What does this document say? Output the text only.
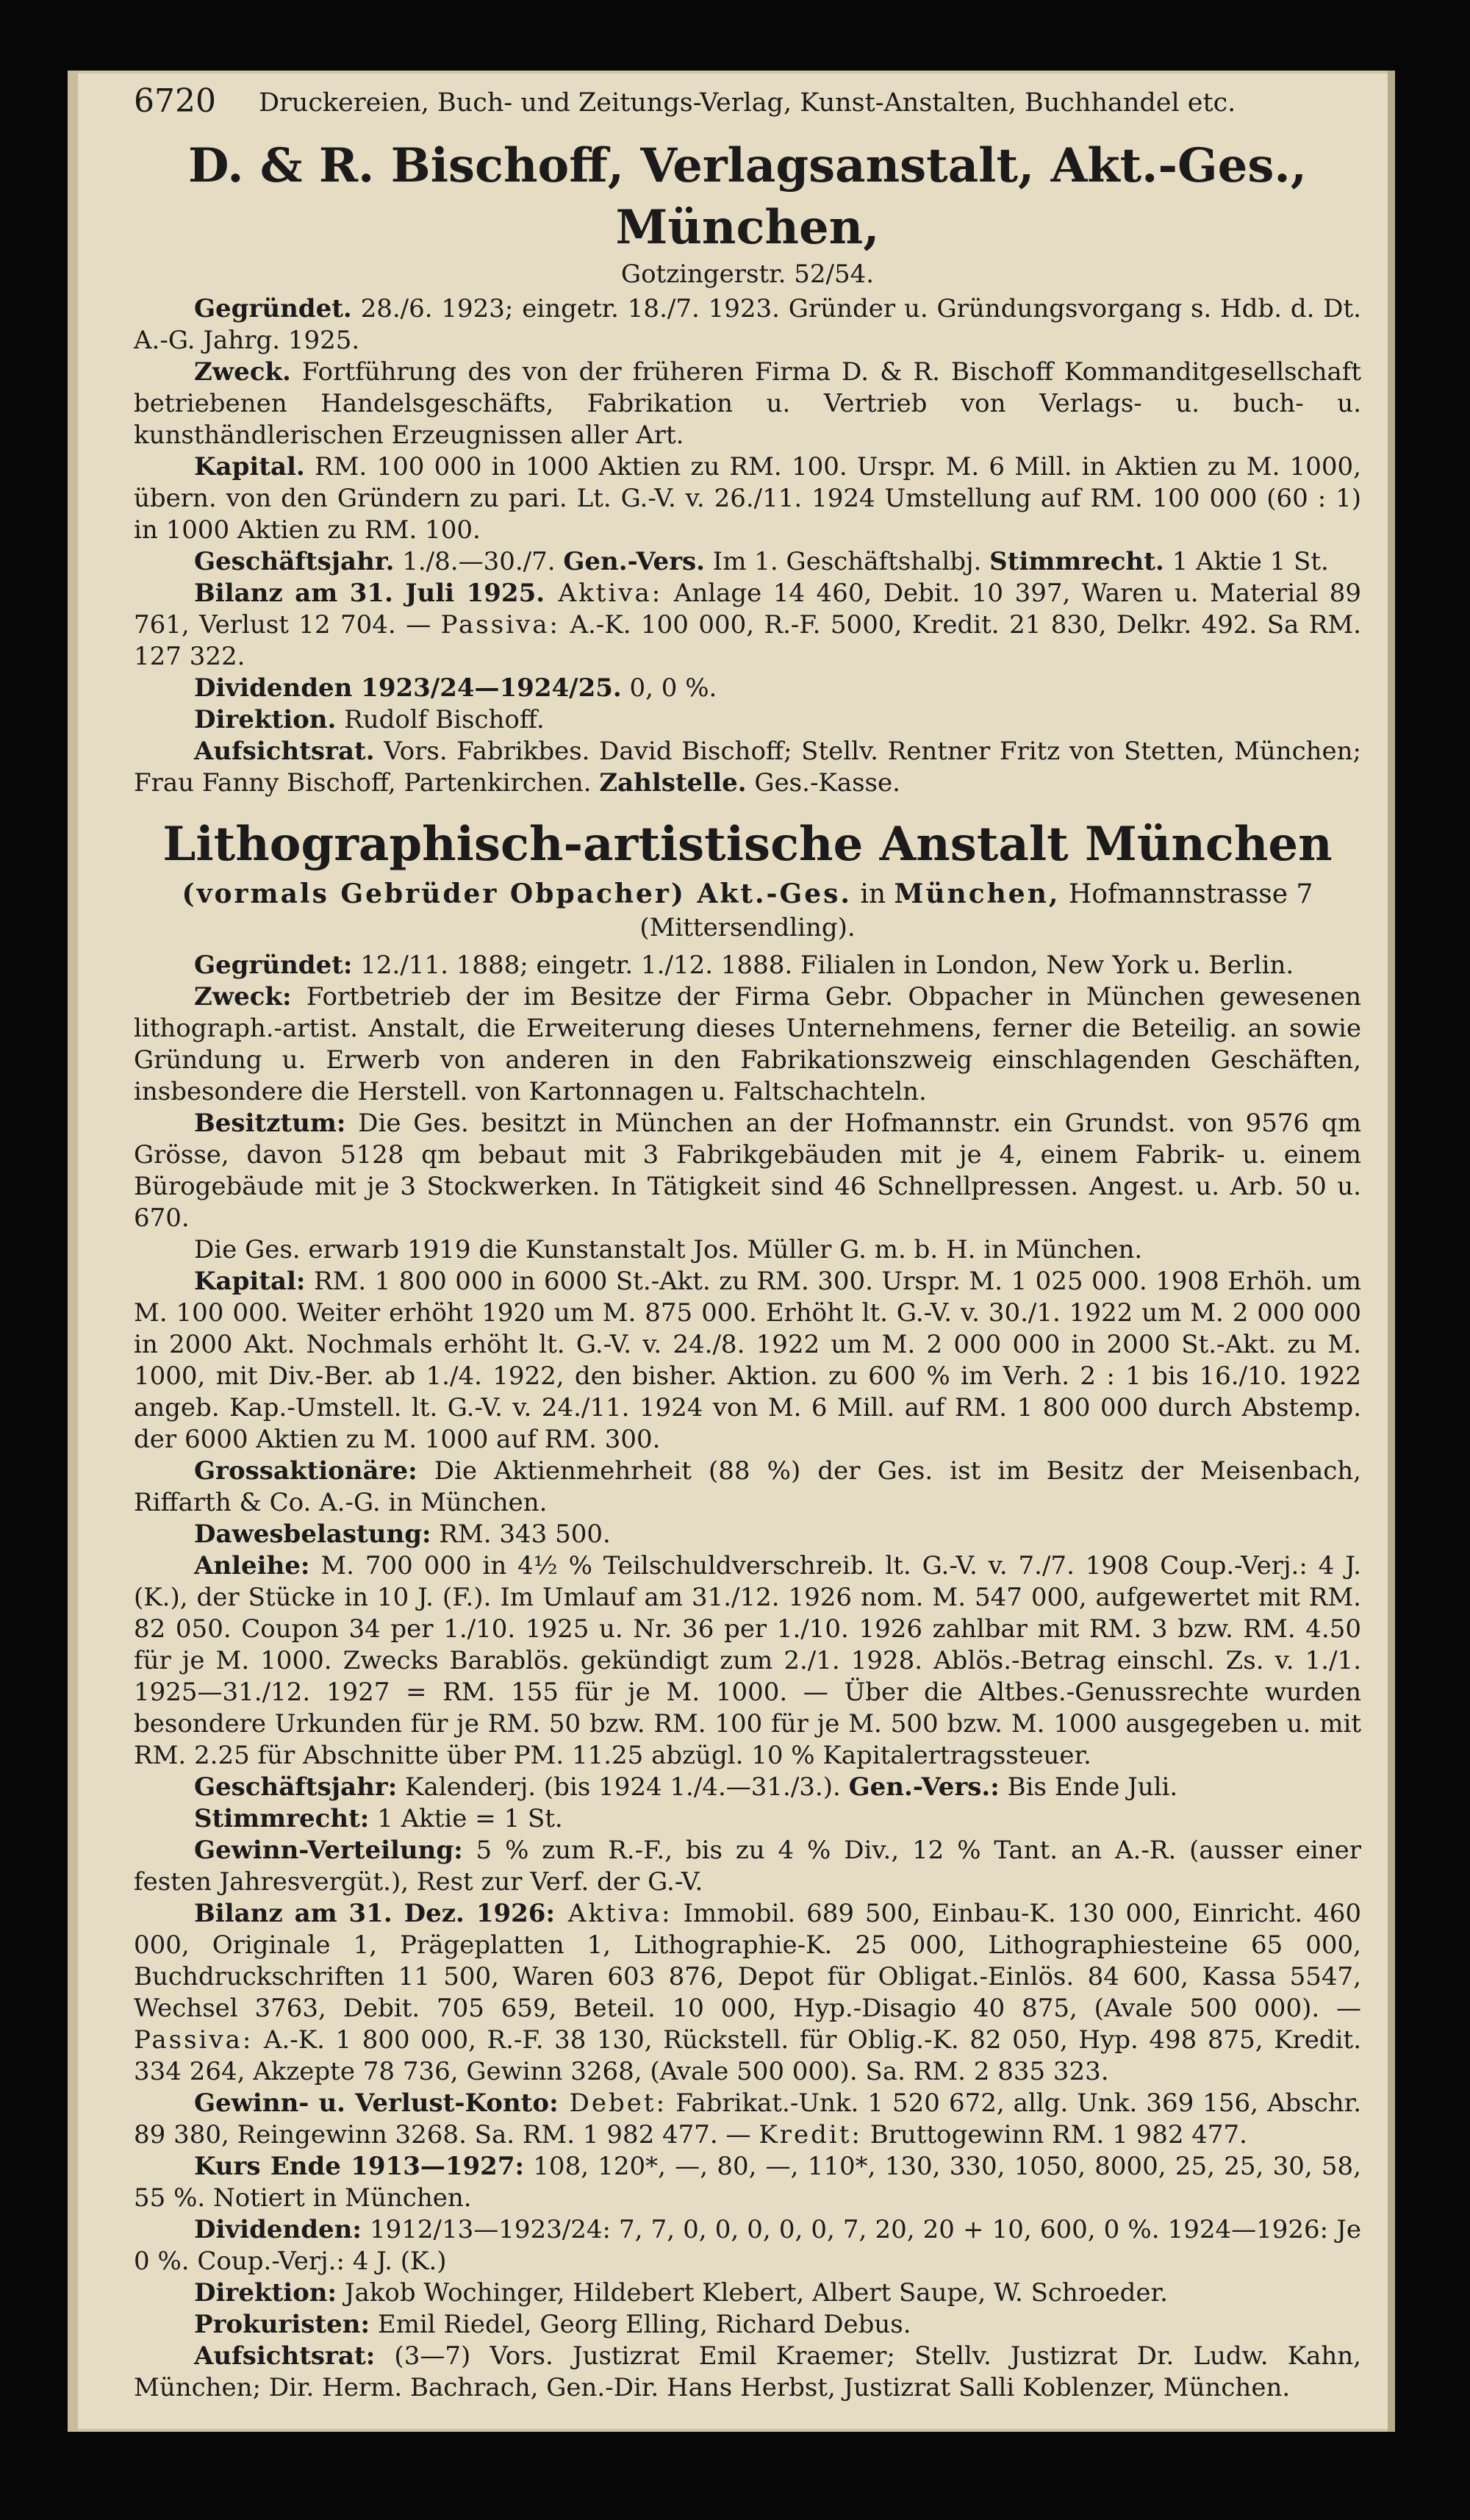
6720 Druckereien, Buch- und Zeitungs-Verlag, Kunst-Anstalten, Buchhandel etc.

D. & R. Bischoff, Verlagsanstalt, Akt.-Ges., München,

Gotzingerstr. 52/54.

Gegründet. 28./6. 1923; eingetr. 18./7. 1923. Gründer u. Gründungsvorgang s. Hdb. d. Dt. A.-G. Jahrg. 1925.

Zweck. Fortführung des von der früheren Firma D. & R. Bischoff Kommanditgesellschaft betriebenen Handelsgeschäfts, Fabrikation u. Vertrieb von Verlags- u. buch- u. kunsthändlerischen Erzeugnissen aller Art.

Kapital. RM. 100 000 in 1000 Aktien zu RM. 100. Urspr. M. 6 Mill. in Aktien zu M. 1000, übern. von den Gründern zu pari. Lt. G.-V. v. 26./11. 1924 Umstellung auf RM. 100 000 (60 : 1) in 1000 Aktien zu RM. 100.

Geschäftsjahr. 1./8.—30./7. Gen.-Vers. Im 1. Geschäftshalbj. Stimmrecht. 1 Aktie 1 St.

Bilanz am 31. Juli 1925. Aktiva: Anlage 14 460, Debit. 10 397, Waren u. Material 89 761, Verlust 12 704. — Passiva: A.-K. 100 000, R.-F. 5000, Kredit. 21 830, Delkr. 492. Sa RM. 127 322.

Dividenden 1923/24—1924/25. 0, 0 %.

Direktion. Rudolf Bischoff.

Aufsichtsrat. Vors. Fabrikbes. David Bischoff; Stellv. Rentner Fritz von Stetten, München; Frau Fanny Bischoff, Partenkirchen. Zahlstelle. Ges.-Kasse.

Lithographisch-artistische Anstalt München

(vormals Gebrüder Obpacher) Akt.-Ges. in München, Hofmannstrasse 7

(Mittersendling).

Gegründet: 12./11. 1888; eingetr. 1./12. 1888. Filialen in London, New York u. Berlin.

Zweck: Fortbetrieb der im Besitze der Firma Gebr. Obpacher in München gewesenen lithograph.-artist. Anstalt, die Erweiterung dieses Unternehmens, ferner die Beteilig. an sowie Gründung u. Erwerb von anderen in den Fabrikationszweig einschlagenden Geschäften, insbesondere die Herstell. von Kartonnagen u. Faltschachteln.

Besitztum: Die Ges. besitzt in München an der Hofmannstr. ein Grundst. von 9576 qm Grösse, davon 5128 qm bebaut mit 3 Fabrikgebäuden mit je 4, einem Fabrik- u. einem Bürogebäude mit je 3 Stockwerken. In Tätigkeit sind 46 Schnellpressen. Angest. u. Arb. 50 u. 670.

Die Ges. erwarb 1919 die Kunstanstalt Jos. Müller G. m. b. H. in München.

Kapital: RM. 1 800 000 in 6000 St.-Akt. zu RM. 300. Urspr. M. 1 025 000. 1908 Erhöh. um M. 100 000. Weiter erhöht 1920 um M. 875 000. Erhöht lt. G.-V. v. 30./1. 1922 um M. 2 000 000 in 2000 Akt. Nochmals erhöht lt. G.-V. v. 24./8. 1922 um M. 2 000 000 in 2000 St.-Akt. zu M. 1000, mit Div.-Ber. ab 1./4. 1922, den bisher. Aktion. zu 600 % im Verh. 2 : 1 bis 16./10. 1922 angeb. Kap.-Umstell. lt. G.-V. v. 24./11. 1924 von M. 6 Mill. auf RM. 1 800 000 durch Abstemp. der 6000 Aktien zu M. 1000 auf RM. 300.

Grossaktionäre: Die Aktienmehrheit (88 %) der Ges. ist im Besitz der Meisenbach, Riffarth & Co. A.-G. in München.

Dawesbelastung: RM. 343 500.

Anleihe: M. 700 000 in 4½ % Teilschuldverschreib. lt. G.-V. v. 7./7. 1908 Coup.-Verj.: 4 J. (K.), der Stücke in 10 J. (F.). Im Umlauf am 31./12. 1926 nom. M. 547 000, aufgewertet mit RM. 82 050. Coupon 34 per 1./10. 1925 u. Nr. 36 per 1./10. 1926 zahlbar mit RM. 3 bzw. RM. 4.50 für je M. 1000. Zwecks Barablös. gekündigt zum 2./1. 1928. Ablös.-Betrag einschl. Zs. v. 1./1. 1925—31./12. 1927 = RM. 155 für je M. 1000. — Über die Altbes.-Genussrechte wurden besondere Urkunden für je RM. 50 bzw. RM. 100 für je M. 500 bzw. M. 1000 ausgegeben u. mit RM. 2.25 für Abschnitte über PM. 11.25 abzügl. 10 % Kapitalertragssteuer.

Geschäftsjahr: Kalenderj. (bis 1924 1./4.—31./3.). Gen.-Vers.: Bis Ende Juli.

Stimmrecht: 1 Aktie = 1 St.

Gewinn-Verteilung: 5 % zum R.-F., bis zu 4 % Div., 12 % Tant. an A.-R. (ausser einer festen Jahresvergüt.), Rest zur Verf. der G.-V.

Bilanz am 31. Dez. 1926: Aktiva: Immobil. 689 500, Einbau-K. 130 000, Einricht. 460 000, Originale 1, Prägeplatten 1, Lithographie-K. 25 000, Lithographiesteine 65 000, Buchdruckschriften 11 500, Waren 603 876, Depot für Obligat.-Einlös. 84 600, Kassa 5547, Wechsel 3763, Debit. 705 659, Beteil. 10 000, Hyp.-Disagio 40 875, (Avale 500 000). — Passiva: A.-K. 1 800 000, R.-F. 38 130, Rückstell. für Oblig.-K. 82 050, Hyp. 498 875, Kredit. 334 264, Akzepte 78 736, Gewinn 3268, (Avale 500 000). Sa. RM. 2 835 323.

Gewinn- u. Verlust-Konto: Debet: Fabrikat.-Unk. 1 520 672, allg. Unk. 369 156, Abschr. 89 380, Reingewinn 3268. Sa. RM. 1 982 477. — Kredit: Bruttogewinn RM. 1 982 477.

Kurs Ende 1913—1927: 108, 120*, —, 80, —, 110*, 130, 330, 1050, 8000, 25, 25, 30, 58, 55 %. Notiert in München.

Dividenden: 1912/13—1923/24: 7, 7, 0, 0, 0, 0, 0, 7, 20, 20 + 10, 600, 0 %. 1924—1926: Je 0 %. Coup.-Verj.: 4 J. (K.)

Direktion: Jakob Wochinger, Hildebert Klebert, Albert Saupe, W. Schroeder.

Prokuristen: Emil Riedel, Georg Elling, Richard Debus.

Aufsichtsrat: (3—7) Vors. Justizrat Emil Kraemer; Stellv. Justizrat Dr. Ludw. Kahn, München; Dir. Herm. Bachrach, Gen.-Dir. Hans Herbst, Justizrat Salli Koblenzer, München.
